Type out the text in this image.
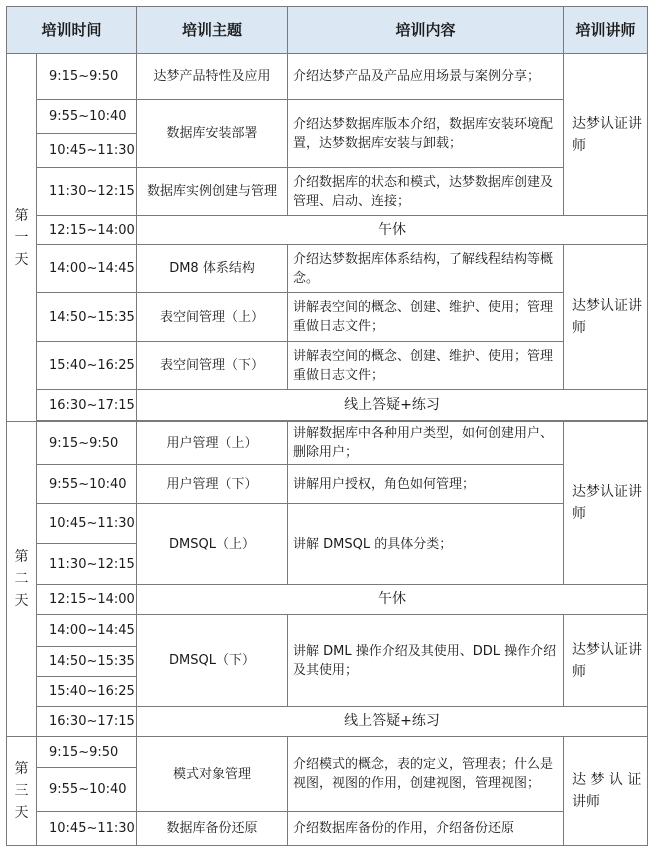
培训时间		培训主题	培训内容	培训讲师
第一天	9:15~9:50	达梦产品特性及应用	介绍达梦产品及产品应用场景与案例分享；	达梦认证讲师
	9:55~10:40	数据库安装部署	介绍达梦数据库版本介绍，数据库安装环境配置，达梦数据库安装与卸载；	
	10:45~11:30			
	11:30~12:15	数据库实例创建与管理	介绍数据库的状态和模式，达梦数据库创建及管理、启动、连接；	
	12:15~14:00	午休		
	14:00~14:45	DM8 体系结构	介绍达梦数据库体系结构，了解线程结构等概念。	达梦认证讲师
	14:50~15:35	表空间管理（上）	讲解表空间的概念、创建、维护、使用；管理重做日志文件；	
	15:40~16:25	表空间管理（下）	讲解表空间的概念、创建、维护、使用；管理重做日志文件；	
	16:30~17:15	线上答疑+练习		

第二天	9:15~9:50	用户管理（上）	讲解数据库中各种用户类型，如何创建用户、删除用户；	达梦认证讲师
	9:55~10:40	用户管理（下）	讲解用户授权，角色如何管理；	
	10:45~11:30	DMSQL（上）	讲解 DMSQL 的具体分类；	
	11:30~12:15			
	12:15~14:00	午休		
	14:00~14:45	DMSQL（下）	讲解 DML 操作介绍及其使用、DDL 操作介绍及其使用；	达梦认证讲师
	14:50~15:35			
	15:40~16:25			
	16:30~17:15	线上答疑+练习		
第三天	9:15~9:50	模式对象管理	介绍模式的概念，表的定义，管理表；什么是视图，视图的作用，创建视图，管理视图；	达 梦 认 证讲师
	9:55~10:40			
	10:45~11:30	数据库备份还原	介绍数据库备份的作用，介绍备份还原	
